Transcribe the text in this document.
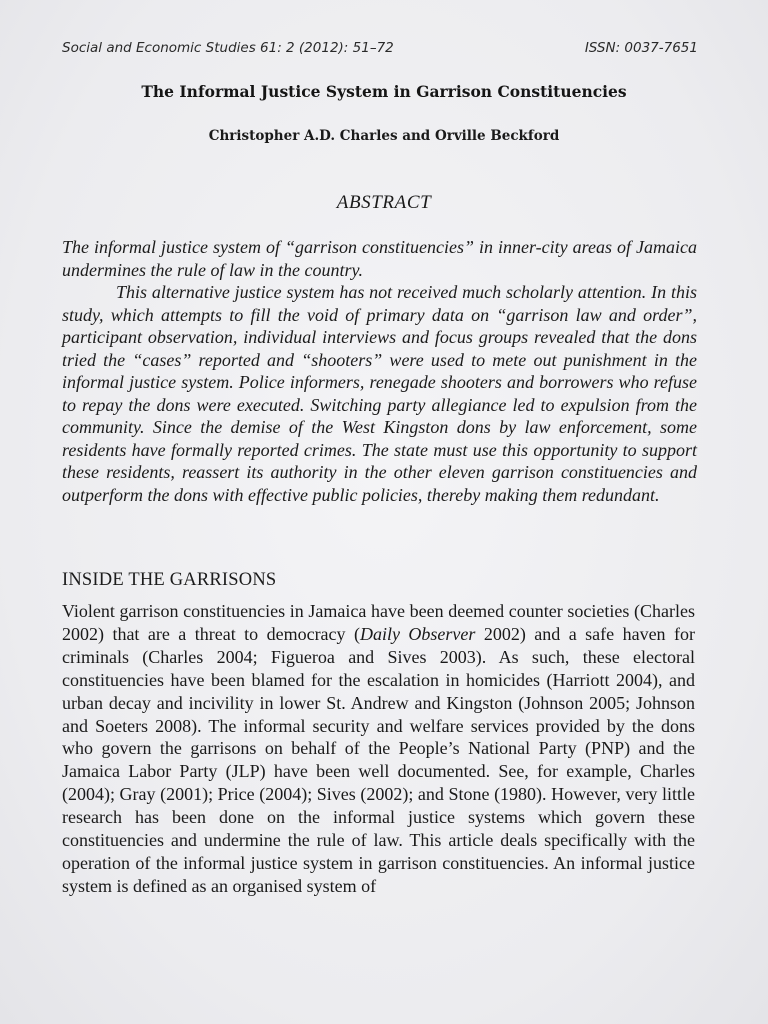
Social and Economic Studies 61: 2 (2012): 51–72	ISSN: 0037-7651
The Informal Justice System in Garrison Constituencies
Christopher A.D. Charles and Orville Beckford
ABSTRACT

The informal justice system of “garrison constituencies” in inner-city areas of Jamaica undermines the rule of law in the country.

This alternative justice system has not received much scholarly attention. In this study, which attempts to fill the void of primary data on “garrison law and order”, participant observation, individual interviews and focus groups revealed that the dons tried the “cases” reported and “shooters” were used to mete out punishment in the informal justice system. Police informers, renegade shooters and borrowers who refuse to repay the dons were executed. Switching party allegiance led to expulsion from the community. Since the demise of the West Kingston dons by law enforcement, some residents have formally reported crimes. The state must use this opportunity to support these residents, reassert its authority in the other eleven garrison constituencies and outperform the dons with effective public policies, thereby making them redundant.

INSIDE THE GARRISONS

Violent garrison constituencies in Jamaica have been deemed counter societies (Charles 2002) that are a threat to democracy (Daily Observer 2002) and a safe haven for criminals (Charles 2004; Figueroa and Sives 2003). As such, these electoral constituencies have been blamed for the escalation in homicides (Harriott 2004), and urban decay and incivility in lower St. Andrew and Kingston (Johnson 2005; Johnson and Soeters 2008). The informal security and welfare services provided by the dons who govern the garrisons on behalf of the People’s National Party (PNP) and the Jamaica Labor Party (JLP) have been well documented. See, for example, Charles (2004); Gray (2001); Price (2004); Sives (2002); and Stone (1980). However, very little research has been done on the informal justice systems which govern these constituencies and undermine the rule of law. This article deals specifically with the operation of the informal justice system in garrison constituencies. An informal justice system is defined as an organised system of
